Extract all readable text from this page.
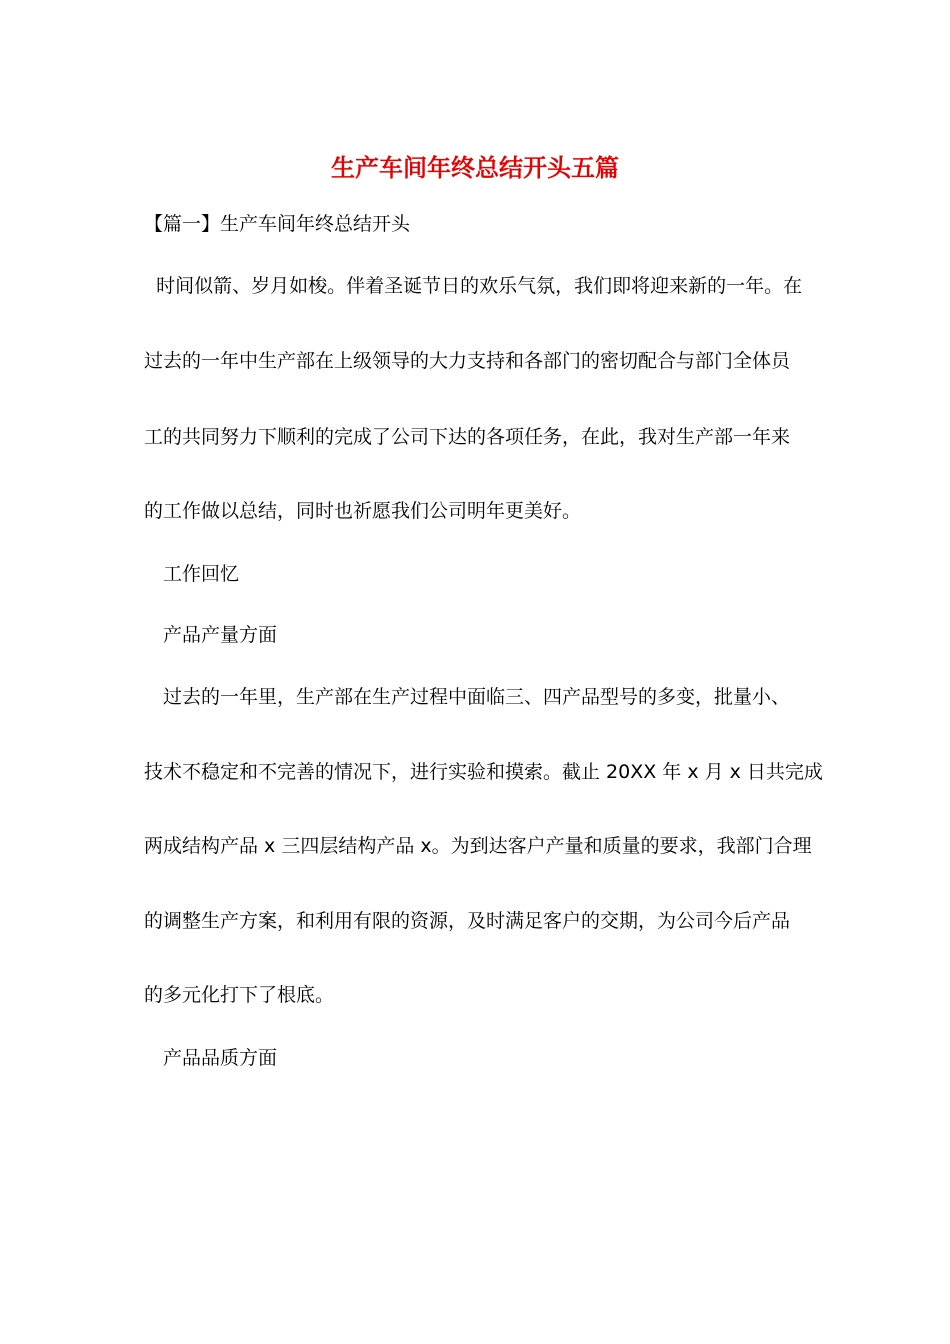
生产车间年终总结开头五篇
【篇一】生产车间年终总结开头
时间似箭、岁月如梭。伴着圣诞节日的欢乐气氛，我们即将迎来新的一年。在
过去的一年中生产部在上级领导的大力支持和各部门的密切配合与部门全体员
工的共同努力下顺利的完成了公司下达的各项任务，在此，我对生产部一年来
的工作做以总结，同时也祈愿我们公司明年更美好。
工作回忆
产品产量方面
过去的一年里，生产部在生产过程中面临三、四产品型号的多变，批量小、
技术不稳定和不完善的情况下，进行实验和摸索。截止 20XX 年 x 月 x 日共完成
两成结构产品 x 三四层结构产品 x。为到达客户产量和质量的要求，我部门合理
的调整生产方案，和利用有限的资源，及时满足客户的交期，为公司今后产品
的多元化打下了根底。
产品品质方面
